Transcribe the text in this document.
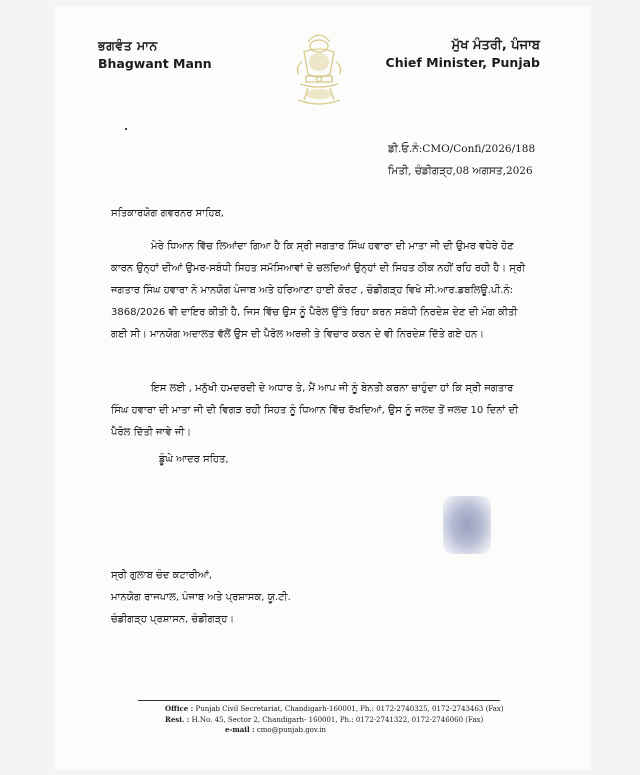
ਭਗਵੰਤ ਮਾਨ
Bhagwant Mann
ਮੁੱਖ ਮੰਤਰੀ, ਪੰਜਾਬ
Chief Minister, Punjab
ਡੀ.ਓ.ਨੰ:CMO/Confi/2026/188
ਮਿਤੀ, ਚੰਡੀਗੜ੍ਹ,08 ਅਗਸਤ,2026
ਸਤਿਕਾਰਯੋਗ ਗਵਰਨਰ ਸਾਹਿਬ,
ਮੇਰੇ ਧਿਆਨ ਵਿੱਚ ਲਿਆਂਦਾ ਗਿਆ ਹੈ ਕਿ ਸ੍ਰੀ ਜਗਤਾਰ ਸਿੰਘ ਹਵਾਰਾ ਦੀ ਮਾਤਾ ਜੀ ਦੀ ਉਮਰ ਵਧੇਰੇ ਹੋਣ ਕਾਰਨ ਉਨ੍ਹਾਂ ਦੀਆਂ ਉਮਰ-ਸਬੰਧੀ ਸਿਹਤ ਸਮੱਸਿਆਵਾਂ ਦੇ ਚਲਦਿਆਂ ਉਨ੍ਹਾਂ ਦੀ ਸਿਹਤ ਠੀਕ ਨਹੀਂ ਰਹਿ ਰਹੀ ਹੈ। ਸ੍ਰੀ ਜਗਤਾਰ ਸਿੰਘ ਹਵਾਰਾ ਨੇ ਮਾਨਯੋਗ ਪੰਜਾਬ ਅਤੇ ਹਰਿਆਣਾ ਹਾਈ ਕੋਰਟ , ਚੰਡੀਗੜ੍ਹ ਵਿਖੇ ਸੀ.ਆਰ.ਡਬਲਿਊ.ਪੀ.ਨੰ: 3868/2026 ਵੀ ਦਾਇਰ ਕੀਤੀ ਹੈ, ਜਿਸ ਵਿੱਚ ਉਸ ਨੂੰ ਪੈਰੋਲ ਉੱਤੇ ਰਿਹਾ ਕਰਨ ਸਬੰਧੀ ਨਿਰਦੇਸ਼ ਦੇਣ ਦੀ ਮੰਗ ਕੀਤੀ ਗਈ ਸੀ। ਮਾਨਯੋਗ ਅਦਾਲਤ ਵੱਲੋਂ ਉਸ ਦੀ ਪੈਰੋਲ ਅਰਜ਼ੀ ਤੇ ਵਿਚਾਰ ਕਰਨ ਦੇ ਵੀ ਨਿਰਦੇਸ਼ ਦਿੱਤੇ ਗਏ ਹਨ।
ਇਸ ਲਈ , ਮਨੁੱਖੀ ਹਮਦਰਦੀ ਦੇ ਅਧਾਰ ਤੇ, ਮੈਂ ਆਪ ਜੀ ਨੂੰ ਬੇਨਤੀ ਕਰਨਾ ਚਾਹੁੰਦਾ ਹਾਂ ਕਿ ਸ੍ਰੀ ਜਗਤਾਰ ਸਿੰਘ ਹਵਾਰਾ ਦੀ ਮਾਤਾ ਜੀ ਦੀ ਵਿਗੜ ਰਹੀ ਸਿਹਤ ਨੂੰ ਧਿਆਨ ਵਿੱਚ ਰੱਖਦਿਆਂ, ਉਸ ਨੂੰ ਜਲਦ ਤੋਂ ਜਲਦ 10 ਦਿਨਾਂ ਦੀ ਪੈਰੋਲ ਦਿੱਤੀ ਜਾਵੇ ਜੀ।
ਡੂੰਘੇ ਆਦਰ ਸਹਿਤ,
ਸ੍ਰੀ ਗੁਲਾਬ ਚੰਦ ਕਟਾਰੀਆਂ,
ਮਾਨਯੋਗ ਰਾਜਪਾਲ, ਪੰਜਾਬ ਅਤੇ ਪ੍ਰਸ਼ਾਸਕ, ਯੂ.ਟੀ.
ਚੰਡੀਗੜ੍ਹ ਪ੍ਰਸ਼ਾਸਨ, ਚੰਡੀਗੜ੍ਹ।
Office : Punjab Civil Secretariat, Chandigarh-160001, Ph.: 0172-2740325, 0172-2743463 (Fax)
Resi. : H.No. 45, Sector 2, Chandigarh- 160001, Ph.: 0172-2741322, 0172-2746060 (Fax)
e-mail : cmo@punjab.gov.in
